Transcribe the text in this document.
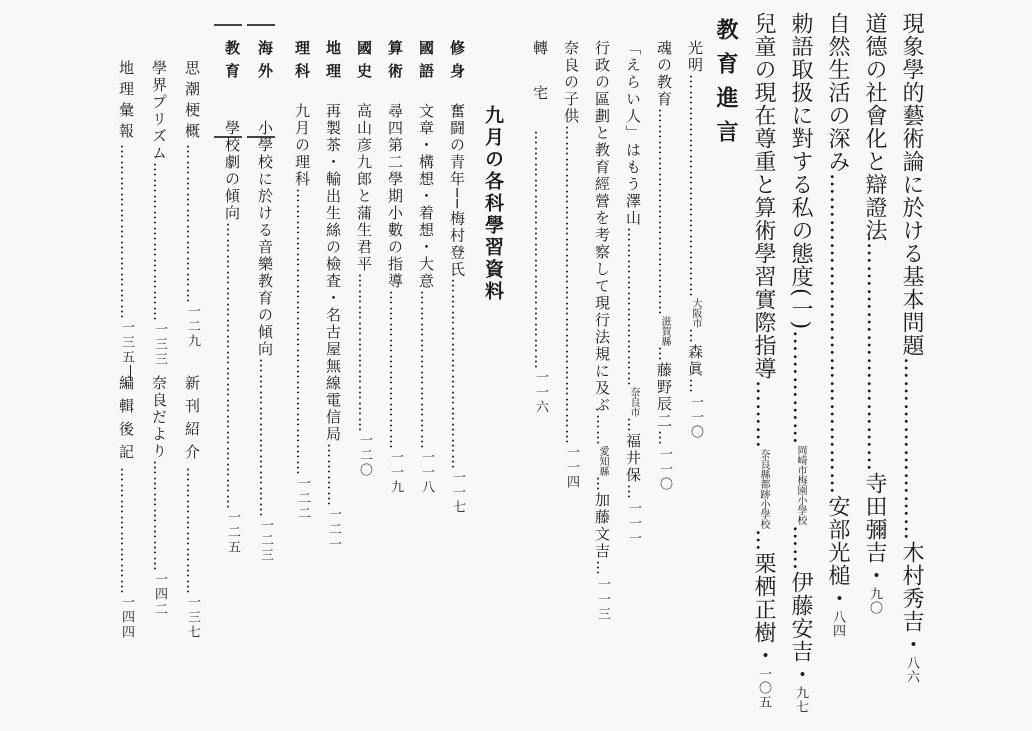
現象學的藝術論に於ける基本問題……………………木村秀吉・八六
道德の社會化と辯證法…………………………寺田彌吉・九〇
自然生活の深み……………………………………安部光槌・八四
勅語取扱に對する私の態度(一)……………岡崎市梅園小學校……伊藤安吉・九七
兒童の現在尊重と算術學習實際指導………奈良縣都跡小學校…栗栖正樹・一〇五
教育進言
光明……………………………………大阪市…森眞…一一〇
魂の教育…………………………………滋賀縣…藤野辰二…一一〇
「えらい人」はもう澤山…………………………奈良市…福井保…一一一
行政の區劃と教育經營を考察して現行法規に及ぶ……愛知縣…加藤文吉…一一三
奈良の子供……………………………………………………一一四
轉宅………………………………………一一六
九月の各科學習資料
修身　奮闘の青年──梅村登氏………………………………一一七
國語　文章・構想・着想・大意…………………………一一八
算術　尋四第二學期小數の指導…………………………一一九
國史　高山彦九郎と蒲生君平…………………………一二〇
地理　再製茶・輸出生絲の檢査・名古屋無線電信局…………一二一
理科　九月の理科………………………………………………一二二
海外　　小學校に於ける音樂教育の傾向…………………………一二三
教育　　學校劇の傾向………………………………………………一二五
思潮梗概…………………………一二九
學界プリズム…………………………一三三
地理彙報……………………………一三五
新刊紹介……………………一三七
奈良だより…………………一四二
編輯後記……………………一四四
